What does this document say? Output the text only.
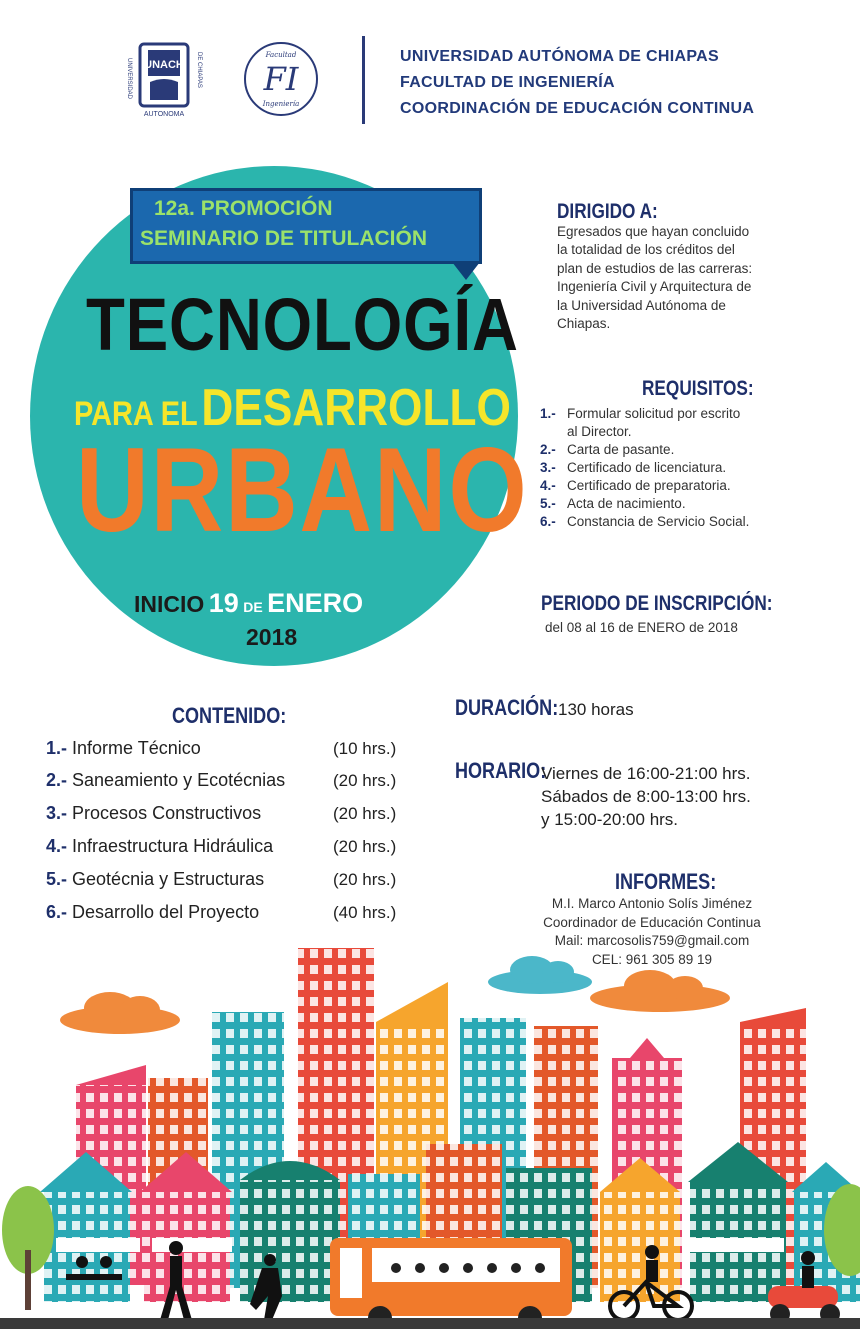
UNACH
UNIVERSIDAD	DE CHIAPAS
AUTONOMA
FI
Facultad
Ingeniería
UNIVERSIDAD AUTÓNOMA DE CHIAPAS
FACULTAD DE INGENIERÍA
COORDINACIÓN DE EDUCACIÓN CONTINUA
12a. PROMOCIÓN
SEMINARIO DE TITULACIÓN
TECNOLOGÍA
PARA EL DESARROLLO
URBANO
INICIO 19 DE ENERO
2018
DIRIGIDO A:
Egresados que hayan concluido
la totalidad de los créditos del
plan de estudios de las carreras:
Ingeniería Civil y Arquitectura de
la Universidad Autónoma de
Chiapas.
REQUISITOS:
1.- Formular solicitud por escrito
al Director.
2.- Carta de pasante.
3.- Certificado de licenciatura.
4.- Certificado de preparatoria.
5.- Acta de nacimiento.
6.- Constancia de Servicio Social.
PERIODO DE INSCRIPCIÓN:
del 08 al 16 de ENERO de 2018
CONTENIDO:
1.- Informe Técnico	(10 hrs.)
2.- Saneamiento y Ecotécnias	(20 hrs.)
3.- Procesos Constructivos	(20 hrs.)
4.- Infraestructura Hidráulica	(20 hrs.)
5.- Geotécnia y Estructuras	(20 hrs.)
6.- Desarrollo del Proyecto	(40 hrs.)
DURACIÓN: 130 horas
HORARIO:
Viernes de 16:00-21:00 hrs.
Sábados de 8:00-13:00 hrs.
y 15:00-20:00 hrs.
INFORMES:
M.I. Marco Antonio Solís Jiménez
Coordinador de Educación Continua
Mail: marcosolis759@gmail.com
CEL: 961 305 89 19
